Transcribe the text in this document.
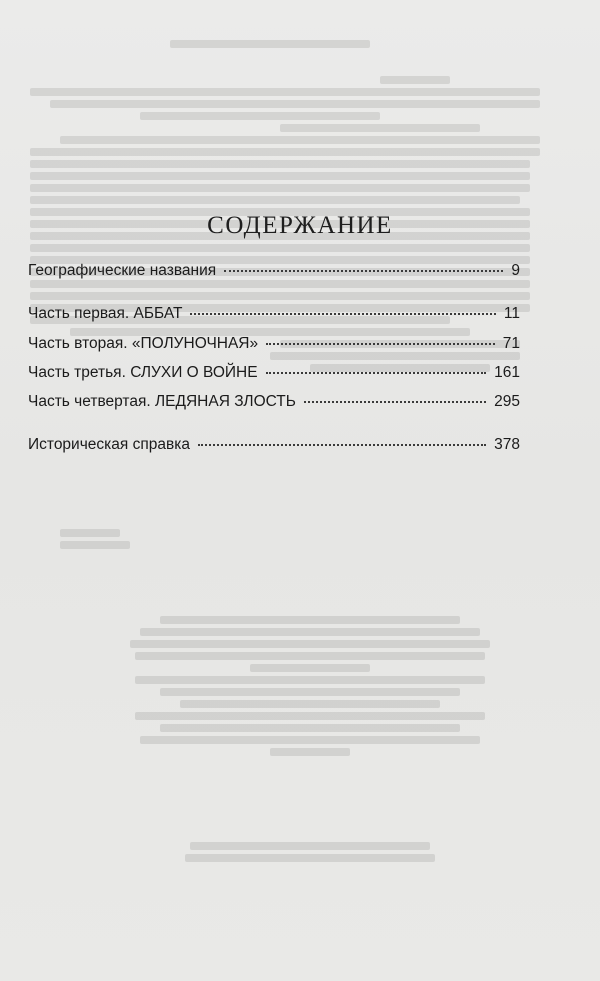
СОДЕРЖАНИЕ
Географические названия	9
Часть первая. АББАТ	11
Часть вторая. «ПОЛУНОЧНАЯ»	71
Часть третья. СЛУХИ О ВОЙНЕ	161
Часть четвертая. ЛЕДЯНАЯ ЗЛОСТЬ	295
Историческая справка	378
